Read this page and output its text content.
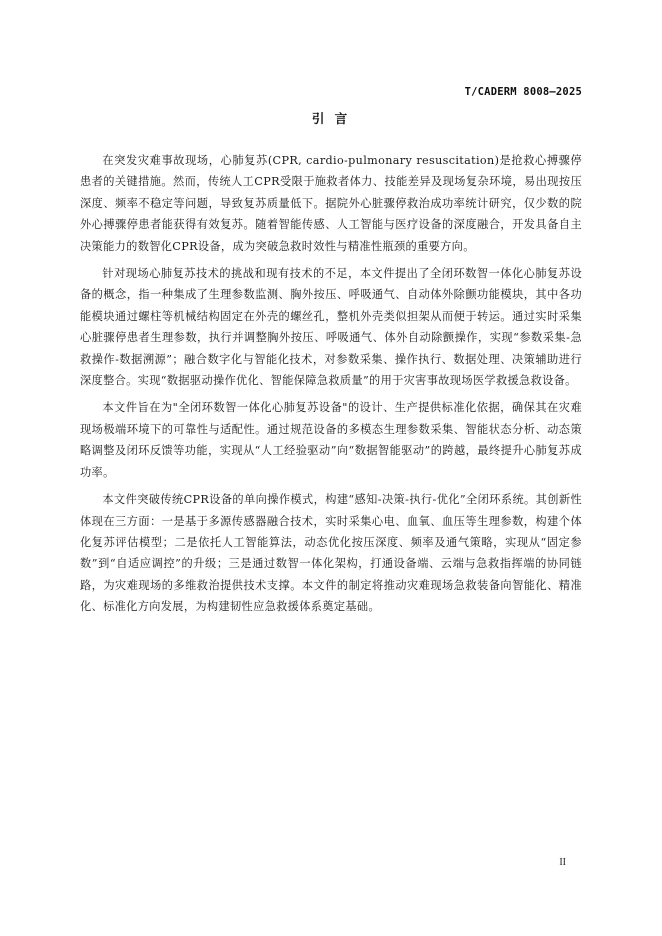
T/CADERM 8008—2025
引 言

在突发灾难事故现场，心肺复苏(CPR, cardio-pulmonary resuscitation)是抢救心搏骤停患者的关键措施。然而，传统人工CPR受限于施救者体力、技能差异及现场复杂环境，易出现按压深度、频率不稳定等问题，导致复苏质量低下。据院外心脏骤停救治成功率统计研究，仅少数的院外心搏骤停患者能获得有效复苏。随着智能传感、人工智能与医疗设备的深度融合，开发具备自主决策能力的数智化CPR设备，成为突破急救时效性与精准性瓶颈的重要方向。

针对现场心肺复苏技术的挑战和现有技术的不足，本文件提出了全闭环数智一体化心肺复苏设备的概念，指一种集成了生理参数监测、胸外按压、呼吸通气、自动体外除颤功能模块，其中各功能模块通过螺柱等机械结构固定在外壳的螺丝孔，整机外壳类似担架从而便于转运。通过实时采集心脏骤停患者生理参数，执行并调整胸外按压、呼吸通气、体外自动除颤操作，实现“参数采集-急救操作-数据溯源”；融合数字化与智能化技术，对参数采集、操作执行、数据处理、决策辅助进行深度整合。实现“数据驱动操作优化、智能保障急救质量”的用于灾害事故现场医学救援急救设备。

本文件旨在为"全闭环数智一体化心肺复苏设备"的设计、生产提供标准化依据，确保其在灾难现场极端环境下的可靠性与适配性。通过规范设备的多模态生理参数采集、智能状态分析、动态策略调整及闭环反馈等功能，实现从“人工经验驱动”向“数据智能驱动”的跨越，最终提升心肺复苏成功率。

本文件突破传统CPR设备的单向操作模式，构建“感知-决策-执行-优化”全闭环系统。其创新性体现在三方面：一是基于多源传感器融合技术，实时采集心电、血氧、血压等生理参数，构建个体化复苏评估模型；二是依托人工智能算法，动态优化按压深度、频率及通气策略，实现从“固定参数”到“自适应调控”的升级；三是通过数智一体化架构，打通设备端、云端与急救指挥端的协同链路，为灾难现场的多维救治提供技术支撑。本文件的制定将推动灾难现场急救装备向智能化、精准化、标准化方向发展，为构建韧性应急救援体系奠定基础。

II
